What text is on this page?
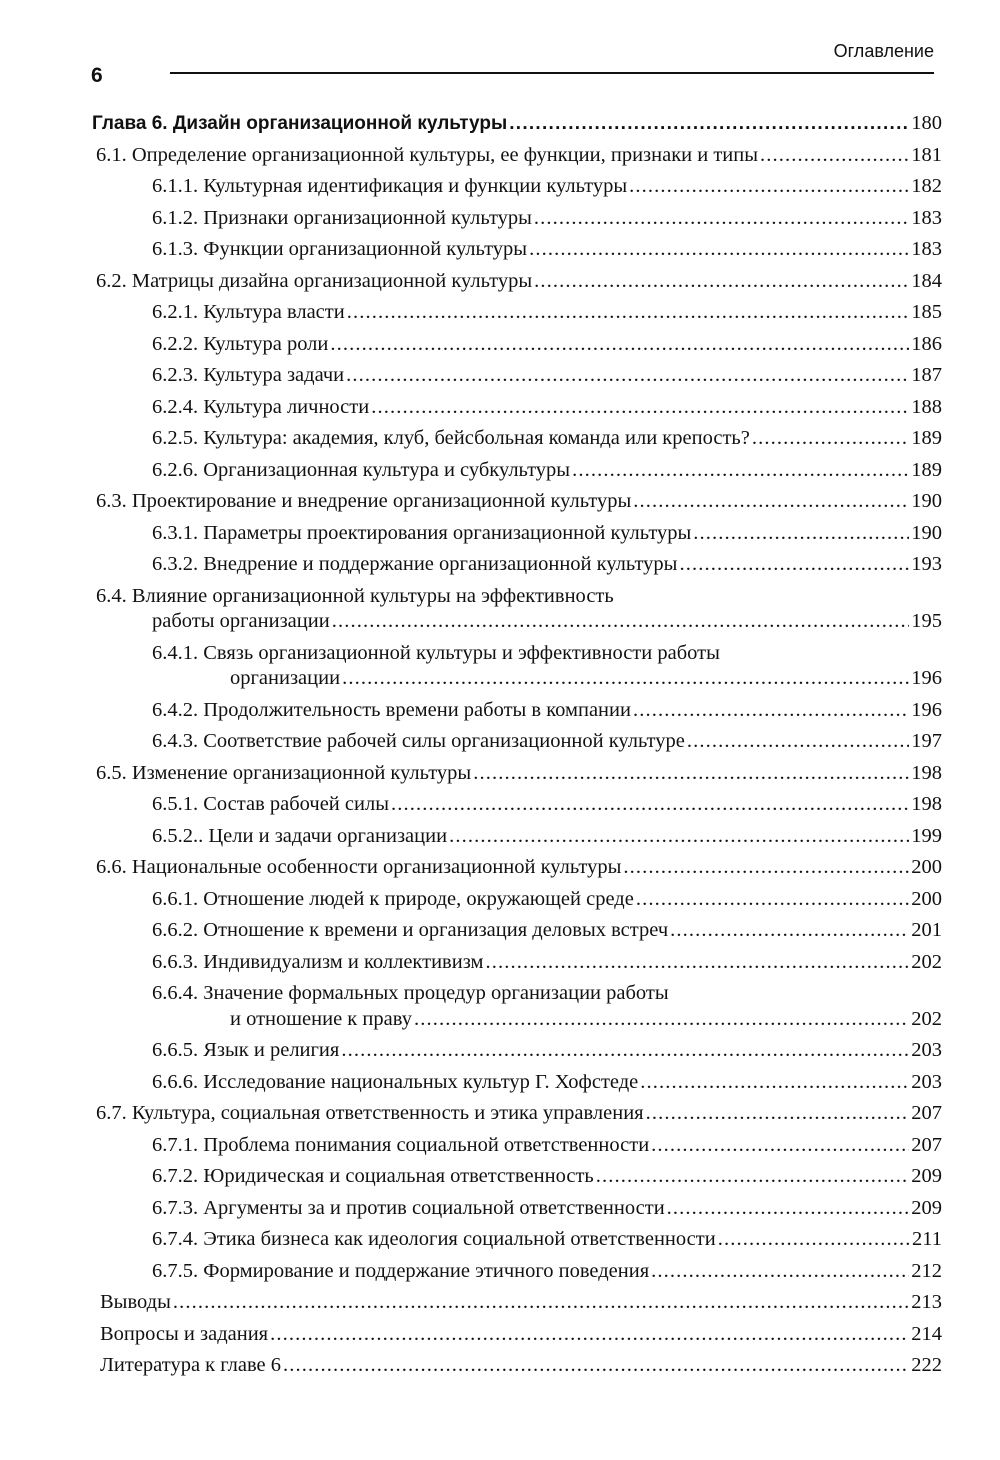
6
Оглавление
Глава 6. Дизайн организационной культуры . . .	180
6.1. Определение организационной культуры, ее функции, признаки и типы . . .	181
6.1.1. Культурная идентификация и функции культуры . . .	182
6.1.2. Признаки организационной культуры . . .	183
6.1.3. Функции организационной культуры . . .	183
6.2. Матрицы дизайна организационной культуры . . .	184
6.2.1. Культура власти . . .	185
6.2.2. Культура роли . . .	186
6.2.3. Культура задачи . . .	187
6.2.4. Культура личности . . .	188
6.2.5. Культура: академия, клуб, бейсбольная команда или крепость? . . .	189
6.2.6. Организационная культура и субкультуры . . .	189
6.3. Проектирование и внедрение организационной культуры . . .	190
6.3.1. Параметры проектирования организационной культуры . . .	190
6.3.2. Внедрение и поддержание организационной культуры . . .	193
6.4. Влияние организационной культуры на эффективность
работы организации . . .	195
6.4.1. Связь организационной культуры и эффективности работы
организации . . .	196
6.4.2. Продолжительность времени работы в компании . . .	196
6.4.3. Соответствие рабочей силы организационной культуре . . .	197
6.5. Изменение организационной культуры . . .	198
6.5.1. Состав рабочей силы . . .	198
6.5.2.. Цели и задачи организации . . .	199
6.6. Национальные особенности организационной культуры . . .	200
6.6.1. Отношение людей к природе, окружающей среде . . .	200
6.6.2. Отношение к времени и организация деловых встреч . . .	201
6.6.3. Индивидуализм и коллективизм . . .	202
6.6.4. Значение формальных процедур организации работы
и отношение к праву . . .	202
6.6.5. Язык и религия . . .	203
6.6.6. Исследование национальных культур Г. Хофстеде . . .	203
6.7. Культура, социальная ответственность и этика управления . . .	207
6.7.1. Проблема понимания социальной ответственности . . .	207
6.7.2. Юридическая и социальная ответственность . . .	209
6.7.3. Аргументы за и против социальной ответственности . . .	209
6.7.4. Этика бизнеса как идеология социальной ответственности . . .	211
6.7.5. Формирование и поддержание этичного поведения . . .	212
Выводы . . .	213
Вопросы и задания . . .	214
Литература к главе 6 . . .	222
